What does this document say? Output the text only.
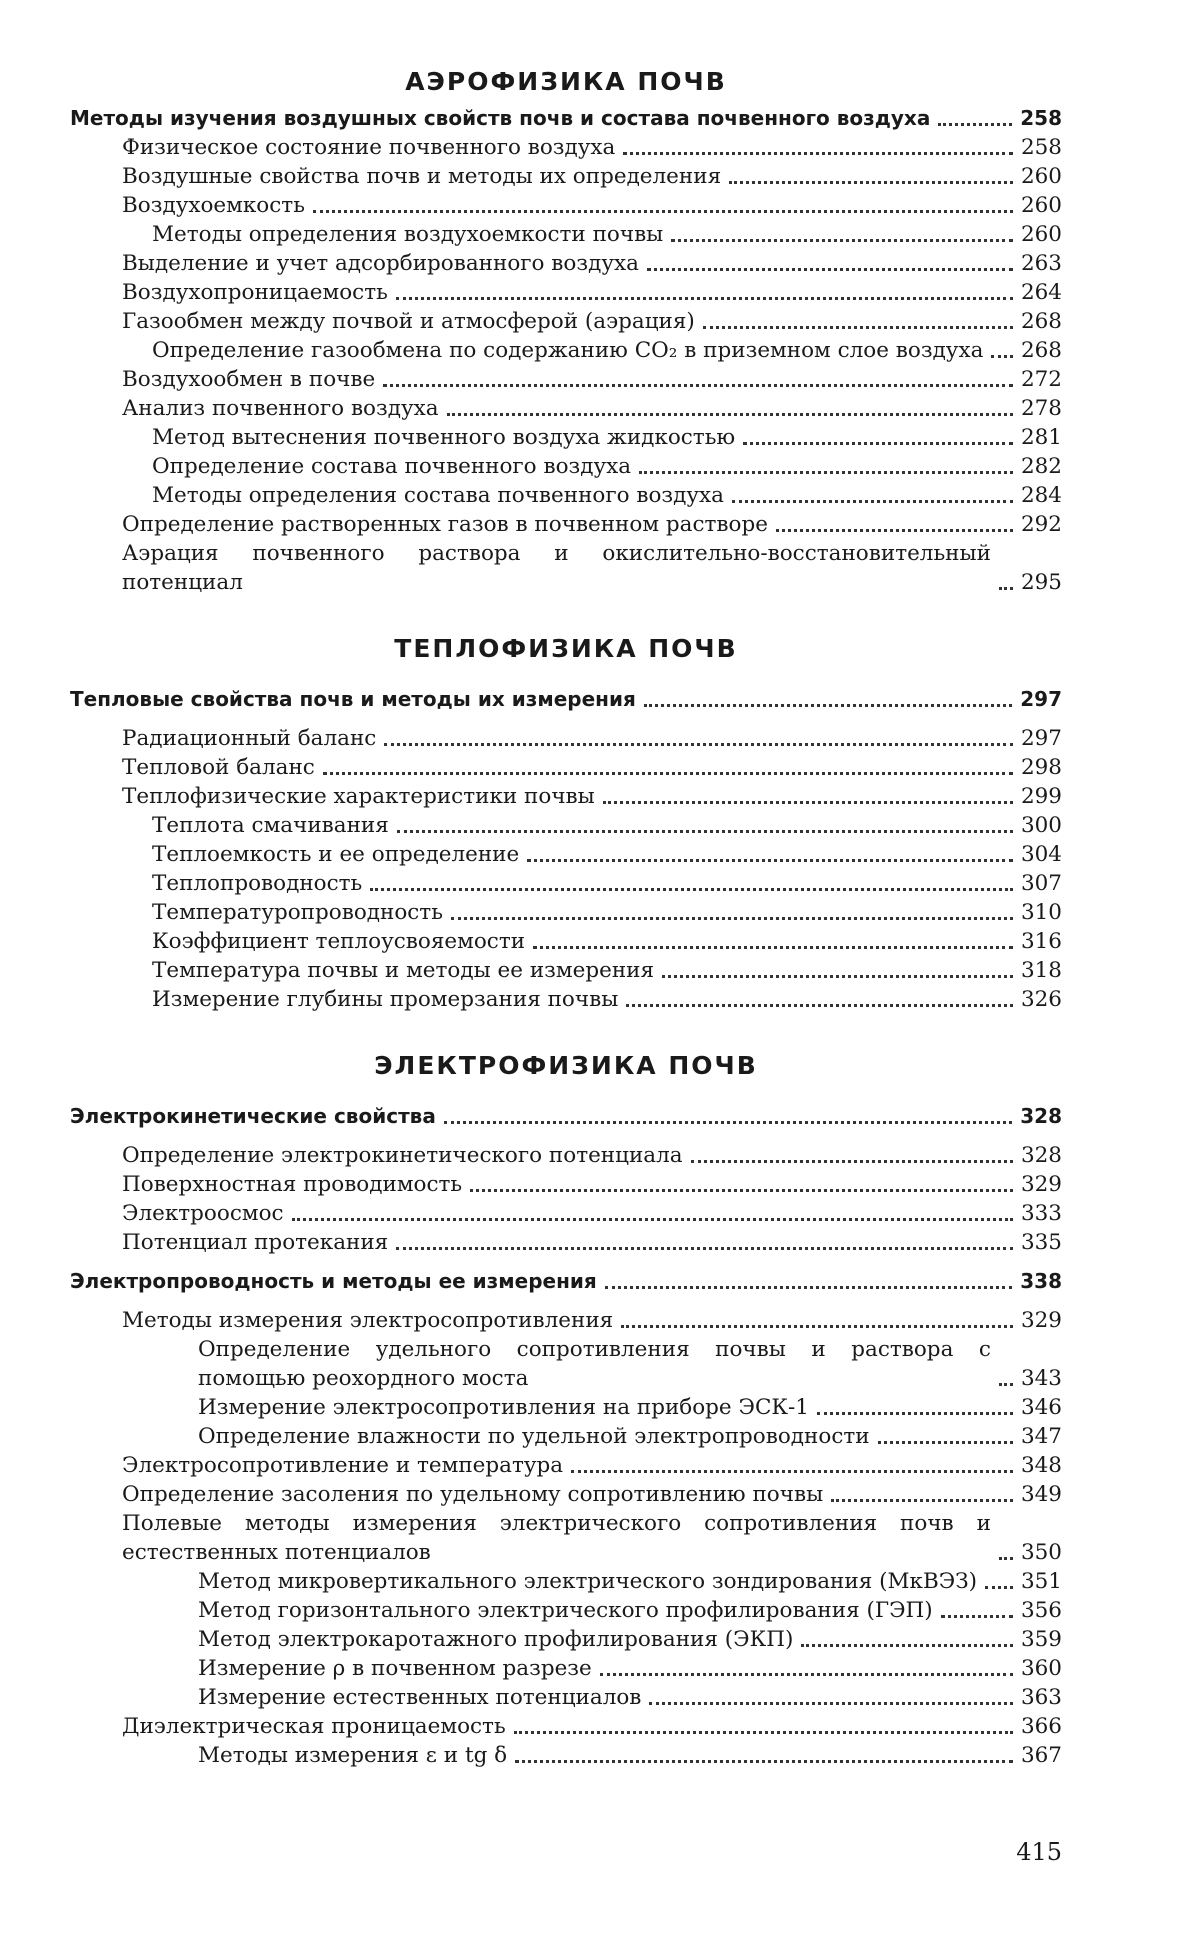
АЭРОФИЗИКА ПОЧВ
Методы изучения воздушных свойств почв и состава почвенного воздуха	258
Физическое состояние почвенного воздуха	258
Воздушные свойства почв и методы их определения	260
Воздухоемкость	260
Методы определения воздухоемкости почвы	260
Выделение и учет адсорбированного воздуха	263
Воздухопроницаемость	264
Газообмен между почвой и атмосферой (аэрация)	268
Определение газообмена по содержанию CO₂ в приземном слое воздуха 268
Воздухообмен в почве	272
Анализ почвенного воздуха	278
Метод вытеснения почвенного воздуха жидкостью	281
Определение состава почвенного воздуха	282
Методы определения состава почвенного воздуха	284
Определение растворенных газов в почвенном растворе	292
Аэрация почвенного раствора и окислительно-восстановительный потенциал	295
ТЕПЛОФИЗИКА ПОЧВ
Тепловые свойства почв и методы их измерения	297
Радиационный баланс	297
Тепловой баланс	298
Теплофизические характеристики почвы	299
Теплота смачивания	300
Теплоемкость и ее определение	304
Теплопроводность	307
Температуропроводность	310
Коэффициент теплоусвояемости	316
Температура почвы и методы ее измерения	318
Измерение глубины промерзания почвы	326
ЭЛЕКТРОФИЗИКА ПОЧВ
Электрокинетические свойства	328
Определение электрокинетического потенциала	328
Поверхностная проводимость	329
Электроосмос	333
Потенциал протекания	335
Электропроводность и методы ее измерения	338
Методы измерения электросопротивления	329
Определение удельного сопротивления почвы и раствора с помощью реохордного моста	343
Измерение электросопротивления на приборе ЭСК-1	346
Определение влажности по удельной электропроводности	347
Электросопротивление и температура	348
Определение засоления по удельному сопротивлению почвы	349
Полевые методы измерения электрического сопротивления почв и естественных потенциалов	350
Метод микровертикального электрического зондирования (МкВЭЗ) 351
Метод горизонтального электрического профилирования (ГЭП)	356
Метод электрокаротажного профилирования (ЭКП)	359
Измерение ρ в почвенном разрезе	360
Измерение естественных потенциалов	363
Диэлектрическая проницаемость	366
Методы измерения ε и tg δ	367
415
